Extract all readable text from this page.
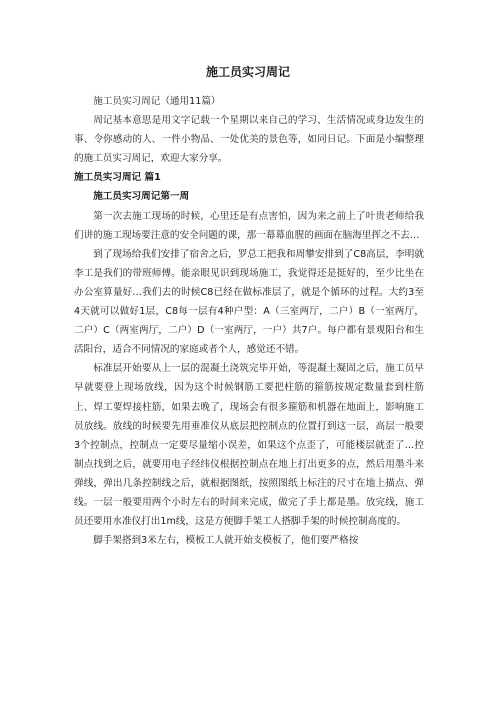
施工员实习周记

施工员实习周记（通用11篇）

周记基本意思是用文字记载一个星期以来自己的学习、生活情况或身边发生的事、令你感动的人、一件小物品、一处优美的景色等，如同日记。下面是小编整理的施工员实习周记，欢迎大家分享。

施工员实习周记 篇1

施工员实习周记第一周

第一次去施工现场的时候，心里还是有点害怕，因为来之前上了叶贵老师给我们讲的施工现场要注意的安全问题的课，那一幕幕血腥的画面在脑海里挥之不去…

到了现场给我们安排了宿舍之后，罗总工把我和周攀安排到了C8高层，李明就李工是我们的带班师傅。能亲眼见识到现场施工，我觉得还是挺好的，至少比坐在办公室算量好…我们去的时候C8已经在做标准层了，就是个循环的过程。大约3至4天就可以做好1层，C8每一层有4种户型：A（三室两厅，二户）B（一室两厅，二户）C（两室两厅，二户）D（一室两厅，一户）共7户。每户都有景观阳台和生活阳台，适合不同情况的家庭或者个人，感觉还不错。

标准层开始要从上一层的混凝土浇筑完毕开始，等混凝土凝固之后，施工员早早就要登上现场放线，因为这个时候钢筋工要把柱筋的箍筋按规定数量套到柱筋上、焊工要焊接柱筋，如果去晚了，现场会有很多箍筋和机器在地面上，影响施工员放线。放线的时候要先用垂准仪从底层把控制点的位置打到这一层，高层一般要3个控制点，控制点一定要尽量缩小误差，如果这个点歪了，可能楼层就歪了…控制点找到之后，就要用电子经纬仪根据控制点在地上打出更多的点，然后用墨斗来弹线，弹出几条控制线之后，就根据图纸，按照图纸上标注的尺寸在地上描点、弹线。一层一般要用两个小时左右的时间来完成，做完了手上都是墨。放完线，施工员还要用水准仪打出1m线，这是方便脚手架工人搭脚手架的时候控制高度的。

脚手架搭到3米左右，模板工人就开始支模板了，他们要严格按
